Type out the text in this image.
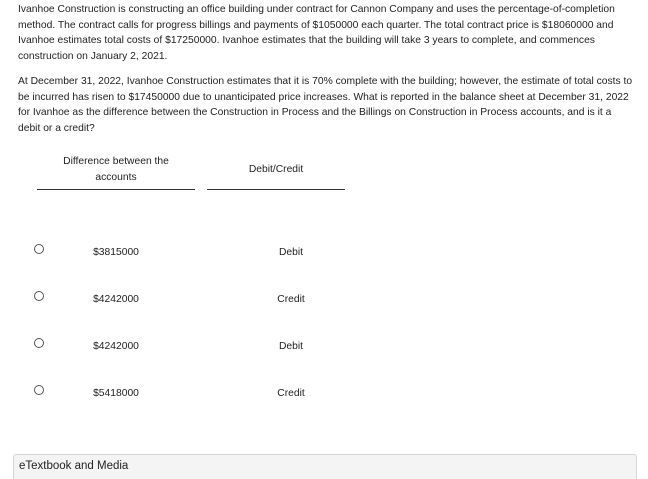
Ivanhoe Construction is constructing an office building under contract for Cannon Company and uses the percentage-of-completion method. The contract calls for progress billings and payments of $1050000 each quarter. The total contract price is $18060000 and Ivanhoe estimates total costs of $17250000. Ivanhoe estimates that the building will take 3 years to complete, and commences construction on January 2, 2021.

At December 31, 2022, Ivanhoe Construction estimates that it is 70% complete with the building; however, the estimate of total costs to be incurred has risen to $17450000 due to unanticipated price increases. What is reported in the balance sheet at December 31, 2022 for Ivanhoe as the difference between the Construction in Process and the Billings on Construction in Process accounts, and is it a debit or a credit?

Difference between the
accounts
Debit/Credit
$3815000	Debit
$4242000	Credit
$4242000	Debit
$5418000	Credit
eTextbook and Media
